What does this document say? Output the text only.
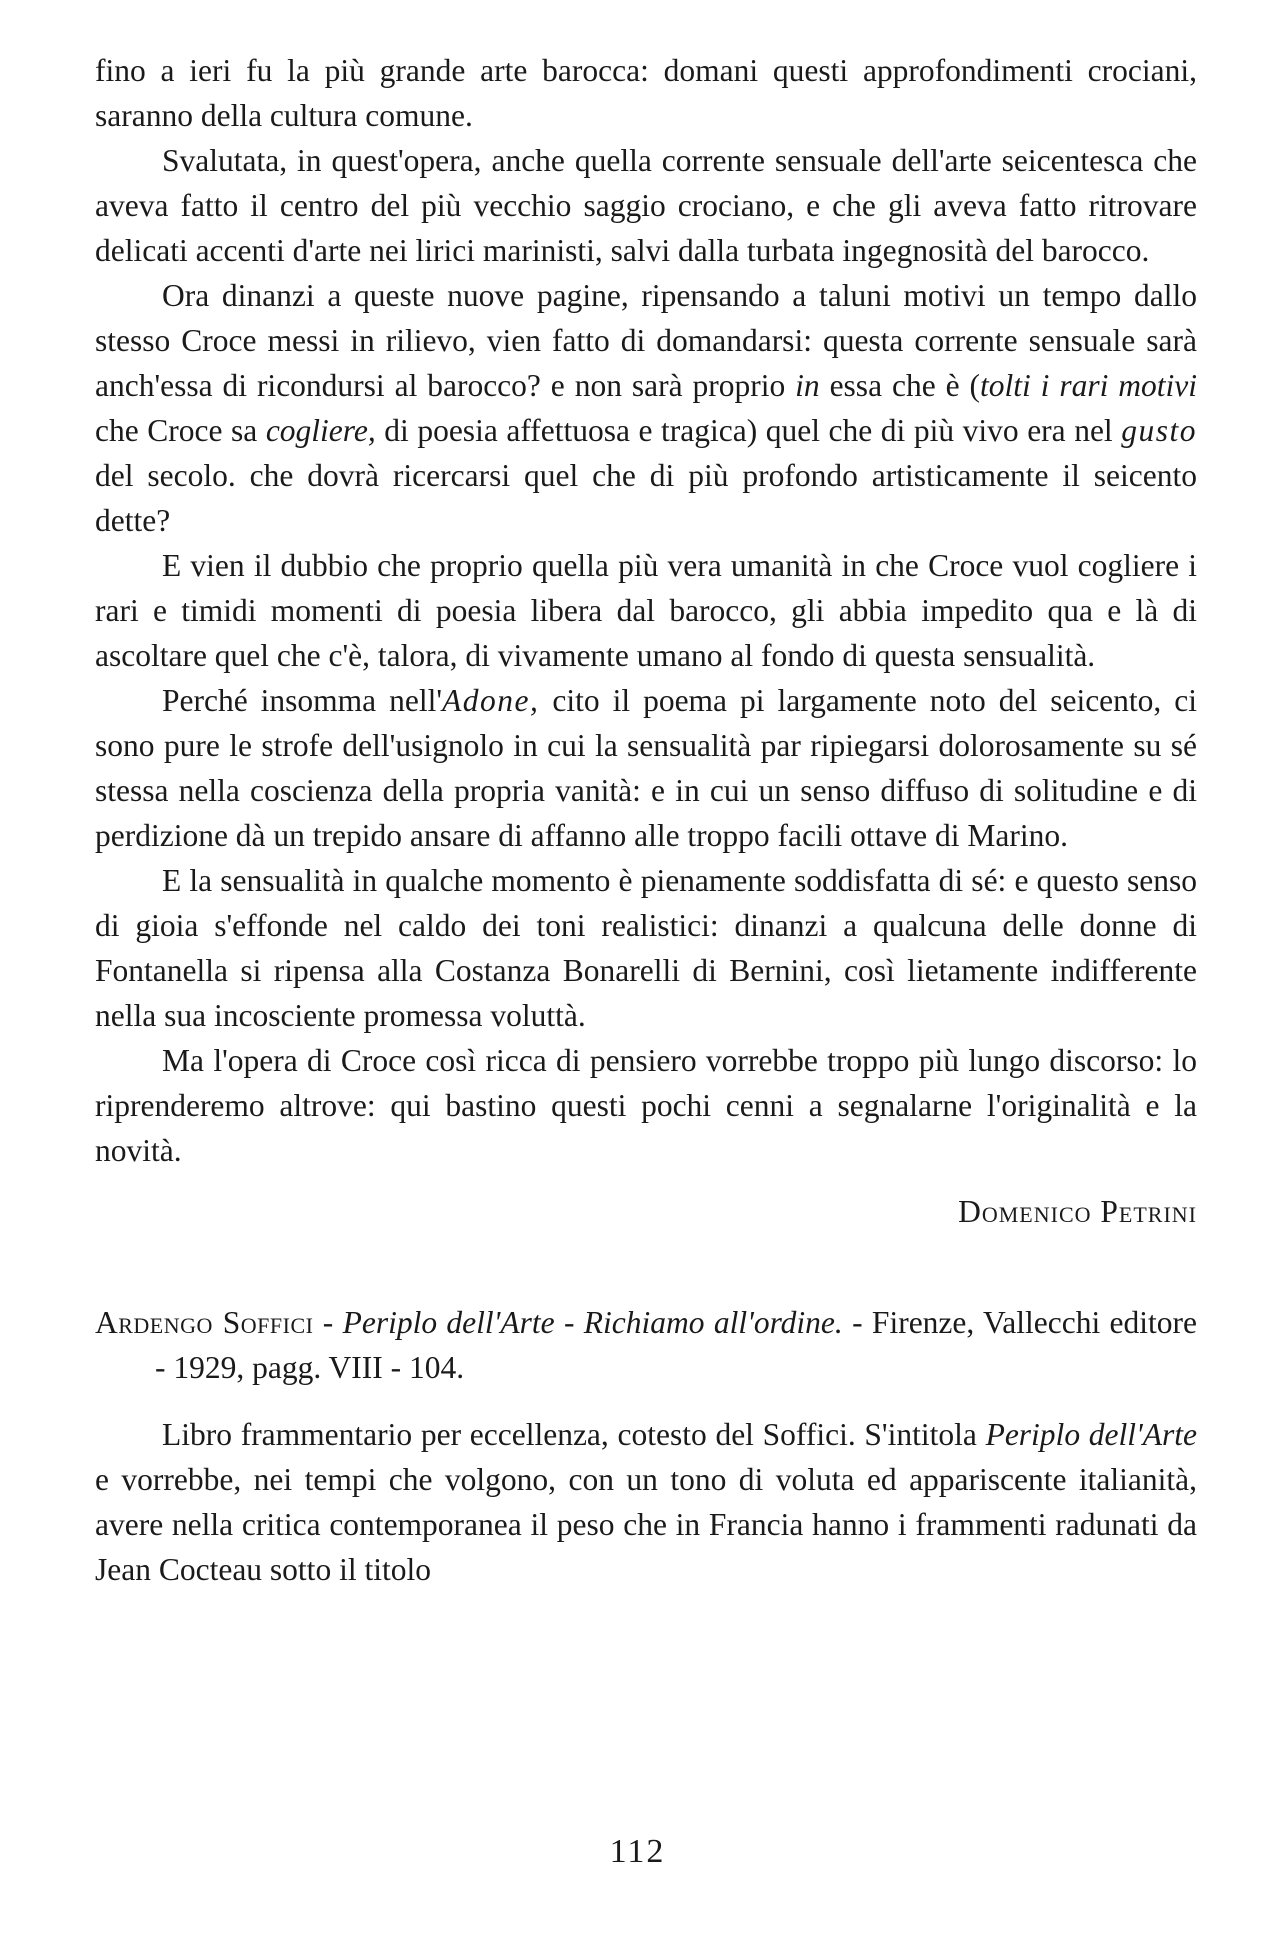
fino a ieri fu la più grande arte barocca: domani questi approfondimenti crociani, saranno della cultura comune.

Svalutata, in quest'opera, anche quella corrente sensuale dell'arte seicentesca che aveva fatto il centro del più vecchio saggio crociano, e che gli aveva fatto ritrovare delicati accenti d'arte nei lirici marinisti, salvi dalla turbata ingegnosità del barocco.

Ora dinanzi a queste nuove pagine, ripensando a taluni motivi un tempo dallo stesso Croce messi in rilievo, vien fatto di domandarsi: questa corrente sensuale sarà anch'essa di ricondursi al barocco? e non sarà proprio in essa che è (tolti i rari motivi che Croce sa cogliere, di poesia affettuosa e tragica) quel che di più vivo era nel gusto del secolo. che dovrà ricercarsi quel che di più profondo artisticamente il seicento dette?

E vien il dubbio che proprio quella più vera umanità in che Croce vuol cogliere i rari e timidi momenti di poesia libera dal barocco, gli abbia impedito qua e là di ascoltare quel che c'è, talora, di vivamente umano al fondo di questa sensualità.

Perché insomma nell'Adone, cito il poema pi largamente noto del seicento, ci sono pure le strofe dell'usignolo in cui la sensualità par ripiegarsi dolorosamente su sé stessa nella coscienza della propria vanità: e in cui un senso diffuso di solitudine e di perdizione dà un trepido ansare di affanno alle troppo facili ottave di Marino.

E la sensualità in qualche momento è pienamente soddisfatta di sé: e questo senso di gioia s'effonde nel caldo dei toni realistici: dinanzi a qualcuna delle donne di Fontanella si ripensa alla Costanza Bonarelli di Bernini, così lietamente indifferente nella sua incosciente promessa voluttà.

Ma l'opera di Croce così ricca di pensiero vorrebbe troppo più lungo discorso: lo riprenderemo altrove: qui bastino questi pochi cenni a segnalarne l'originalità e la novità.

Domenico Petrini

Ardengo Soffici - Periplo dell'Arte - Richiamo all'ordine. - Firenze, Vallecchi editore - 1929, pagg. VIII - 104.

Libro frammentario per eccellenza, cotesto del Soffici. S'intitola Periplo dell'Arte e vorrebbe, nei tempi che volgono, con un tono di voluta ed appariscente italianità, avere nella critica contemporanea il peso che in Francia hanno i frammenti radunati da Jean Cocteau sotto il titolo

112
